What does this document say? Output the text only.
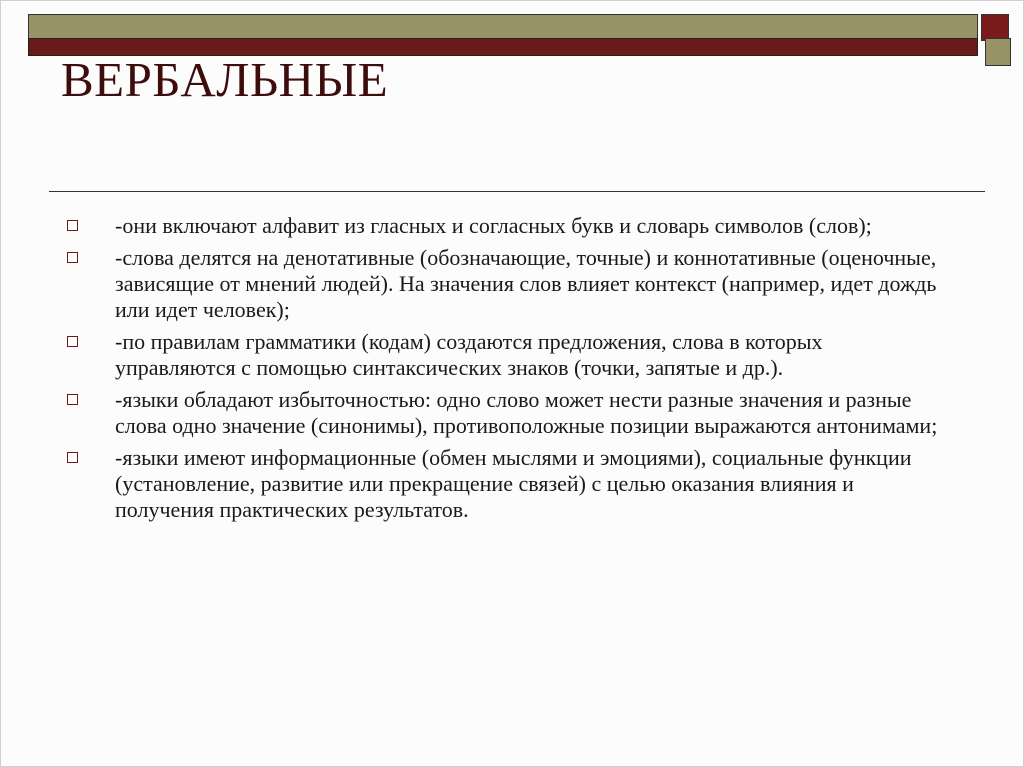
ВЕРБАЛЬНЫЕ
-они включают алфавит из гласных и согласных букв и словарь символов (слов);
-слова делятся на денотативные (обозначающие, точные) и коннотативные (оценочные, зависящие от мнений людей). На значения слов влияет контекст (например, идет дождь или идет человек);
-по правилам грамматики (кодам) создаются предложения, слова в которых управляются с помощью синтаксических знаков (точки, запятые и др.).
-языки обладают избыточностью: одно слово может нести разные значения и разные слова одно значение (синонимы), противоположные позиции выражаются антонимами;
-языки имеют информационные (обмен мыслями и эмоциями), социальные функции (установление, развитие или прекращение связей) с целью оказания влияния и получения практических результатов.
